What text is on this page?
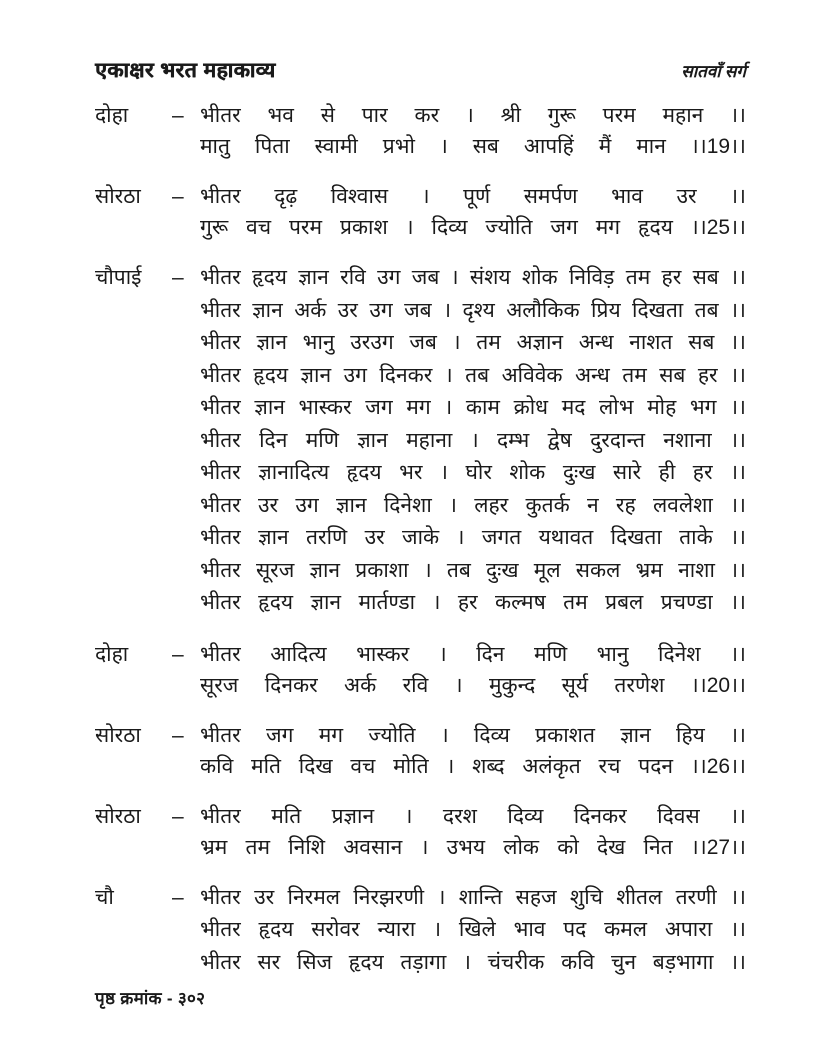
एकाक्षर भरत महाकाव्य	सातवाँ सर्ग
दोहा	– भीतर भव से पार कर । श्री गुरू परम महान ।।
मातु पिता स्वामी प्रभो । सब आपहिं मैं मान ।।19।।
सोरठा	– भीतर दृढ़ विश्वास । पूर्ण समर्पण भाव उर ।।
गुरू वच परम प्रकाश । दिव्य ज्योति जग मग हृदय ।।25।।
चौपाई	– भीतर हृदय ज्ञान रवि उग जब । संशय शोक निविड़ तम हर सब ।।
भीतर ज्ञान अर्क उर उग जब । दृश्य अलौकिक प्रिय दिखता तब ।।
भीतर ज्ञान भानु उरउग जब । तम अज्ञान अन्ध नाशत सब ।।
भीतर हृदय ज्ञान उग दिनकर । तब अविवेक अन्ध तम सब हर ।।
भीतर ज्ञान भास्कर जग मग । काम क्रोध मद लोभ मोह भग ।।
भीतर दिन मणि ज्ञान महाना । दम्भ द्वेष दुरदान्त नशाना ।।
भीतर ज्ञानादित्य हृदय भर । घोर शोक दुःख सारे ही हर ।।
भीतर उर उग ज्ञान दिनेशा । लहर कुतर्क न रह लवलेशा ।।
भीतर ज्ञान तरणि उर जाके । जगत यथावत दिखता ताके ।।
भीतर सूरज ज्ञान प्रकाशा । तब दुःख मूल सकल भ्रम नाशा ।।
भीतर हृदय ज्ञान मार्तण्डा । हर कल्मष तम प्रबल प्रचण्डा ।।
दोहा	– भीतर आदित्य भास्कर । दिन मणि भानु दिनेश ।।
सूरज दिनकर अर्क रवि । मुकुन्द सूर्य तरणेश ।।20।।
सोरठा	– भीतर जग मग ज्योति । दिव्य प्रकाशत ज्ञान हिय ।।
कवि मति दिख वच मोति । शब्द अलंकृत रच पदन ।।26।।
सोरठा	– भीतर मति प्रज्ञान । दरश दिव्य दिनकर दिवस ।।
भ्रम तम निशि अवसान । उभय लोक को देख नित ।।27।।
चौ	– भीतर उर निरमल निरझरणी । शान्ति सहज शुचि शीतल तरणी ।।
भीतर हृदय सरोवर न्यारा । खिले भाव पद कमल अपारा ।।
भीतर सर सिज हृदय तड़ागा । चंचरीक कवि चुन बड़भागा ।।
पृष्ठ क्रमांक - ३०२
